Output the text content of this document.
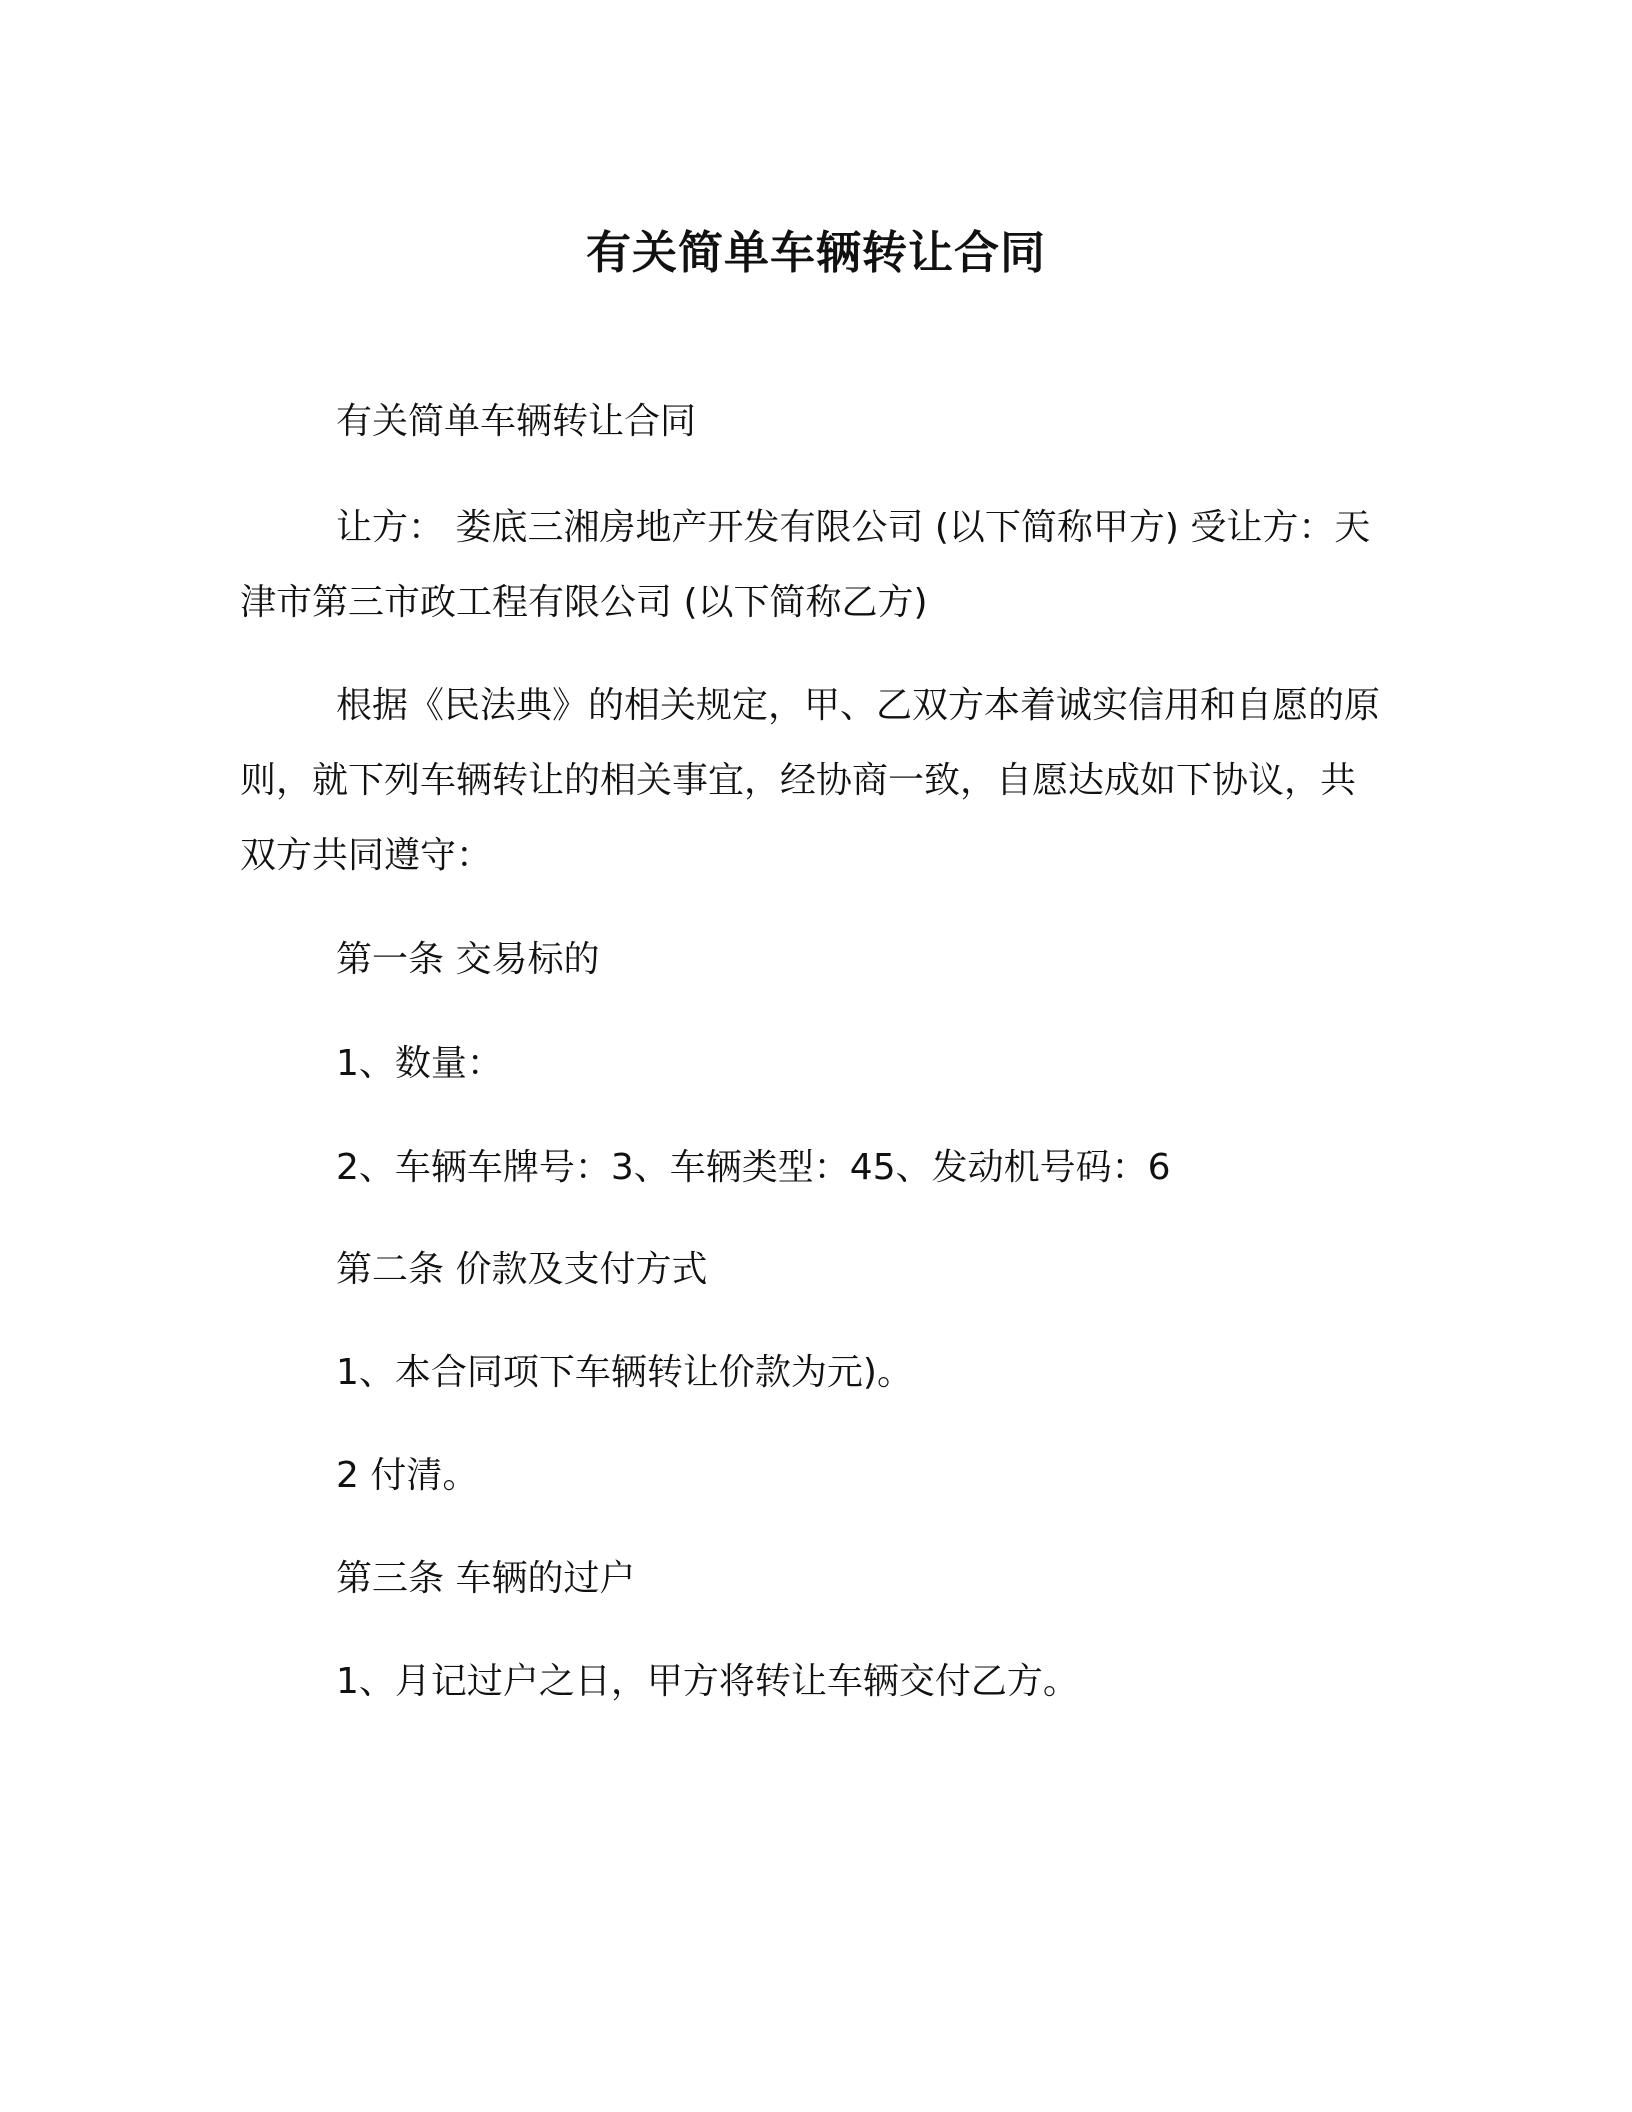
有关简单车辆转让合同

有关简单车辆转让合同

让方： 娄底三湘房地产开发有限公司 (以下简称甲方) 受让方：天津市第三市政工程有限公司 (以下简称乙方)

根据《民法典》的相关规定，甲、乙双方本着诚实信用和自愿的原则，就下列车辆转让的相关事宜，经协商一致，自愿达成如下协议，共双方共同遵守：

第一条 交易标的

1、数量：

2、车辆车牌号：3、车辆类型：45、发动机号码：6

第二条 价款及支付方式

1、本合同项下车辆转让价款为元)。

2 付清。

第三条 车辆的过户

1、月记过户之日，甲方将转让车辆交付乙方。
